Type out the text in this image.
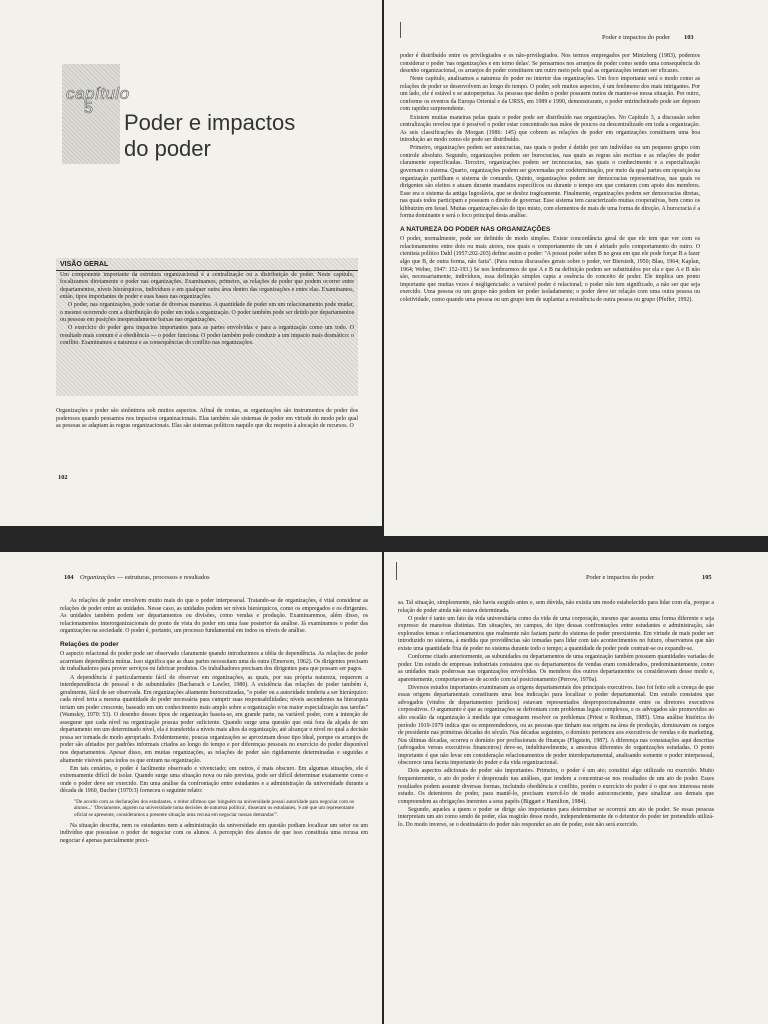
capítulo
5
Poder e impactos
do poder
VISÃO GERAL

Um componente importante da estrutura organizacional é a centralização ou a distribuição de poder. Neste capítulo, focalizamos diretamente o poder nas organizações. Examinamos, primeiro, as relações de poder que podem ocorrer entre departamentos, níveis hierárquicos, indivíduos e em qualquer outra área dentro das organizações e entre elas. Examinamos, então, tipos importantes de poder e suas bases nas organizações.

O poder, nas organizações, pode variar de diversas maneiras. A quantidade de poder em um relacionamento pode mudar, o mesmo ocorrendo com a distribuição do poder em toda a organização. O poder também pode ser detido por departamentos ou pessoas em posições inesperadamente baixas nas organizações.

O exercício do poder gera impactos importantes para as partes envolvidas e para a organização como um todo. O resultado mais comum é a obediência — o poder funciona. O poder também pode conduzir a um impacto mais dramático: o conflito. Examinamos a natureza e as consequências do conflito nas organizações.

Organizações e poder são sinônimos sob muitos aspectos. Afinal de contas, as organizações são instrumentos de poder dos poderosos quando pensamos nos impactos organizacionais. Elas também são sistemas de poder em virtude do modo pelo qual as pessoas se adaptam às regras organizacionais. Elas são sistemas políticos naquilo que diz respeito à alocação de recursos. O

102
Poder e impactos do poder 103

poder é distribuído entre os privilegiados e os não-privilegiados. Nos termos empregados por Mintzberg (1983), podemos considerar o poder 'nas organizações e em torno delas'. Se pensarmos nos arranjos de poder como sendo uma consequência do desenho organizacional, os arranjos do poder constituem um outro meio pelo qual as organizações tentam ser eficazes.

Neste capítulo, analisamos a natureza do poder no interior das organizações. Um foco importante será o modo como as relações de poder se desenvolvem ao longo do tempo. O poder, sob muitos aspectos, é um fenômeno dos mais intrigantes. Por um lado, ele é estável e se autoperpetua. As pessoas que detêm o poder possuem meios de manter-se nessa situação. Por outro, conforme os eventos da Europa Oriental e da URSS, em 1989 e 1990, demonstraram, o poder entrincheirado pode ser deposto com rapidez surpreendente.

Existem muitas maneiras pelas quais o poder pode ser distribuído nas organizações. No Capítulo 3, a discussão sobre centralização revelou que é possível o poder estar concentrado nas mãos de poucos ou descentralizado em toda a organização. As seis classificações de Morgan (1986: 145) que cobrem as relações de poder em organizações constituem uma boa introdução ao modo como ele pode ser distribuído.

Primeiro, organizações podem ser autocracias, nas quais o poder é detido por um indivíduo ou um pequeno grupo com controle absoluto. Segundo, organizações podem ser burocracias, nas quais as regras são escritas e as relações de poder claramente especificadas. Terceiro, organizações podem ser tecnocracias, nas quais o conhecimento e a especialização governam o sistema. Quarto, organizações podem ser governadas por codeterminação, por meio da qual partes em oposição na organização partilham o sistema de comando. Quinto, organizações podem ser democracias representativas, nas quais os dirigentes são eleitos e atuam durante mandatos específicos ou durante o tempo em que contarem com apoio dos membros. Esse era o sistema da antiga Iugoslávia, que se desfez tragicamente. Finalmente, organizações podem ser democracias diretas, nas quais todos participam e possuem o direito de governar. Esse sistema tem caracterizado muitas cooperativas, bem como os kibbutzim em Israel. Muitas organizações são do tipo misto, com elementos de mais de uma forma de direção. A burocracia é a forma dominante e será o foco principal desta análise.

A NATUREZA DO PODER NAS ORGANIZAÇÕES

O poder, normalmente, pode ser definido de modo simples. Existe concordância geral de que ele tem que ver com os relacionamentos entre dois ou mais atores, nos quais o comportamento de um é afetado pelo comportamento do outro. O cientista político Dahl (1957:202-203) define assim o poder: "A possui poder sobre B no grau em que ele pode forçar B a fazer algo que B, de outra forma, não faria". (Para outras discussões gerais sobre o poder, ver Bierstedt, 1950; Blau, 1964; Kaplan, 1964; Weber, 1947: 152-193.) Se nos lembrarmos de que A e B na definição podem ser substituídos por ela e que A e B não são, necessariamente, indivíduos, essa definição simples capta a essência do conceito de poder. Ele implica um ponto importante que muitas vezes é negligenciado: a variável poder é relacional; o poder não tem significado, a não ser que seja exercido. Uma pessoa ou um grupo não podem ter poder isoladamente; o poder deve ter relação com uma outra pessoa ou coletividade, como quando uma pessoa ou um grupo tem de suplantar a resistência de outra pessoa ou grupo (Pfeffer, 1992).

104 Organizações — estruturas, processos e resultados

As relações de poder envolvem muito mais do que o poder interpessoal. Tratando-se de organizações, é vital considerar as relações de poder entre as unidades. Nesse caso, as unidades podem ser níveis hierárquicos, como os empregados e os dirigentes. As unidades também podem ser departamentos ou divisões, como vendas e produção. Examinaremos, além disso, os relacionamentos interorganizacionais do ponto de vista do poder em uma fase posterior da análise. Já examinamos o poder das organizações na sociedade. O poder é, portanto, um processo fundamental em todos os níveis de análise.

Relações de poder

O aspecto relacional do poder pode ser observado claramente quando introduzimos a idéia de dependência. As relações de poder acarretam dependência mútua. Isso significa que as duas partes necessitam uma da outra (Emerson, 1962). Os dirigentes precisam de trabalhadores para prover serviços ou fabricar produtos. Os trabalhadores precisam dos dirigentes para que possam ser pagos.

A dependência é particularmente fácil de observar em organizações, as quais, por sua própria natureza, requerem a interdependência de pessoal e de subunidades (Bacharach e Lawler, 1980). A existência das relações de poder também é, geralmente, fácil de ser observada. Em organizações altamente burocratizadas, "o poder ou a autoridade tenderia a ser hierárquico: cada nível teria a mesma quantidade de poder necessária para cumprir suas responsabilidades; níveis ascendentes na hierarquia teriam um poder crescente, baseado em um conhecimento mais amplo sobre a organização e/ou maior especialização nas tarefas" (Wamsley, 1970: 53). O desenho desses tipos de organização baseia-se, em grande parte, na variável poder, com a intenção de assegurar que cada nível na organização possua poder suficiente. Quando surge uma questão que está fora da alçada de um departamento em um determinado nível, ela é transferida a níveis mais altos da organização, até alcançar o nível no qual a decisão possa ser tomada de modo apropriado. Evidentemente, poucas organizações se aproximam desse tipo ideal, porque os arranjos de poder são afetados por padrões informais criados ao longo do tempo e por diferenças pessoais no exercício do poder disponível nos departamentos. Apesar disso, em muitas organizações, as relações de poder são rigidamente determinadas e seguidas e altamente visíveis para todos os que entram na organização.

Em tais cenários, o poder é facilmente observado e vivenciado; em outros, é mais obscuro. Em algumas situações, ele é extremamente difícil de isolar. Quando surge uma situação nova ou não prevista, pode ser difícil determinar exatamente como e onde o poder deve ser exercido. Em uma análise da confrontação entre estudantes e a administração da universidade durante a década de 1960, Bucher (1970:3) forneceu o seguinte relato:

"De acordo com as declarações dos estudantes, o reitor afirmou que 'ninguém na universidade possui autoridade para negociar com os alunos...' 'Obviamente, alguém na universidade toma decisões de natureza política', disseram os estudantes, 'e até que um representante oficial se apresente, consideramos a presente situação uma recusa em negociar nossas demandas'".

Na situação descrita, nem os estudantes nem a administração da universidade em questão podiam localizar um setor ou um indivíduo que possuísse o poder de negociar com os alunos. A percepção dos alunos de que isso constituía uma recusa em negociar é apenas parcialmente preci-

Poder e impactos do poder	105

sa. Tal situação, simplesmente, não havia surgido antes e, sem dúvida, não existia um modo estabelecido para lidar com ela, porque a relação de poder ainda não estava determinada.

O poder é tanto um fato da vida universitária como da vida de uma corporação, mesmo que assuma uma forma diferente e seja expresso de maneiras distintas. Em situações, no campus, do tipo dessas confrontações entre estudantes e administração, são explorados temas e relacionamentos que realmente não faziam parte do sistema de poder preexistente. Em virtude de mais poder ser introduzido no sistema, à medida que providências são tomadas para lidar com tais acontecimentos no futuro, observamos que não existe uma quantidade fixa de poder no sistema durante todo o tempo; a quantidade de poder pode contrair-se ou expandir-se.

Conforme citado anteriormente, as subunidades ou departamentos de uma organização também possuem quantidades variadas de poder. Um estudo de empresas industriais constatou que os departamentos de vendas eram considerados, predominantemente, como as unidades mais poderosas nas organizações envolvidas. Os membros dos outros departamentos os consideravam desse modo e, aparentemente, comportavam-se de acordo com tal posicionamento (Perrow, 1970a).

Diversos estudos importantes examinaram as origens departamentais dos principais executivos. Isso foi feito sob a crença de que essas origens departamentais constituem uma boa indicação para localizar o poder departamental. Um estudo constatou que advogados (vindos de departamentos jurídicos) estavam representados desproporcionalmente entre os diretores executivos corporativos. O argumento é que as organizações se defrontam com problemas legais complexos, e os advogados são promovidos ao alto escalão da organização à medida que conseguem resolver os problemas (Priest e Rothman, 1985). Uma análise histórica do período 1919-1979 indica que os empreendedores, ou as pessoas que tinham sua origem na área de produção, dominavam os cargos de presidente nas primeiras décadas do século. Nas décadas seguintes, o domínio pertenceu aos executivos de vendas e de marketing. Nas últimas décadas, ocorreu o domínio por profissionais de finanças (Fligstein, 1987). A diferença nas constatações aqui descritas (advogados versus executivos financeiros) deve-se, indubitavelmente, a amostras diferentes de organizações estudadas. O ponto importante é que não levar em consideração relacionamentos de poder interdepartamental, analisando somente o poder interpessoal, obscurece uma faceta importante do poder e da vida organizacional.

Dois aspectos adicionais do poder são importantes. Primeiro, o poder é um ato; constitui algo utilizado ou exercido. Muito frequentemente, o ato do poder é desprezado nas análises, que tendem a concentrar-se nos resultados de um ato de poder. Esses resultados podem assumir diversas formas, incluindo obediência e conflito, porém o exercício do poder é o que nos interessa neste estudo. Os detentores do poder, para mantê-lo, precisam exercê-lo de modo autoconsciente, para sinalizar aos demais que compreendem as obrigações inerentes a seus papéis (Biggart e Hamilton, 1984).

Segundo, aqueles a quem o poder se dirige são importantes para determinar se ocorrerá um ato de poder. Se essas pessoas interpretam um ato como sendo de poder, elas reagirão desse modo, independentemente de o detentor do poder ter pretendido utilizá-lo. Do modo inverso, se o destinatário do poder não responder ao ato de poder, este não será exercido.
